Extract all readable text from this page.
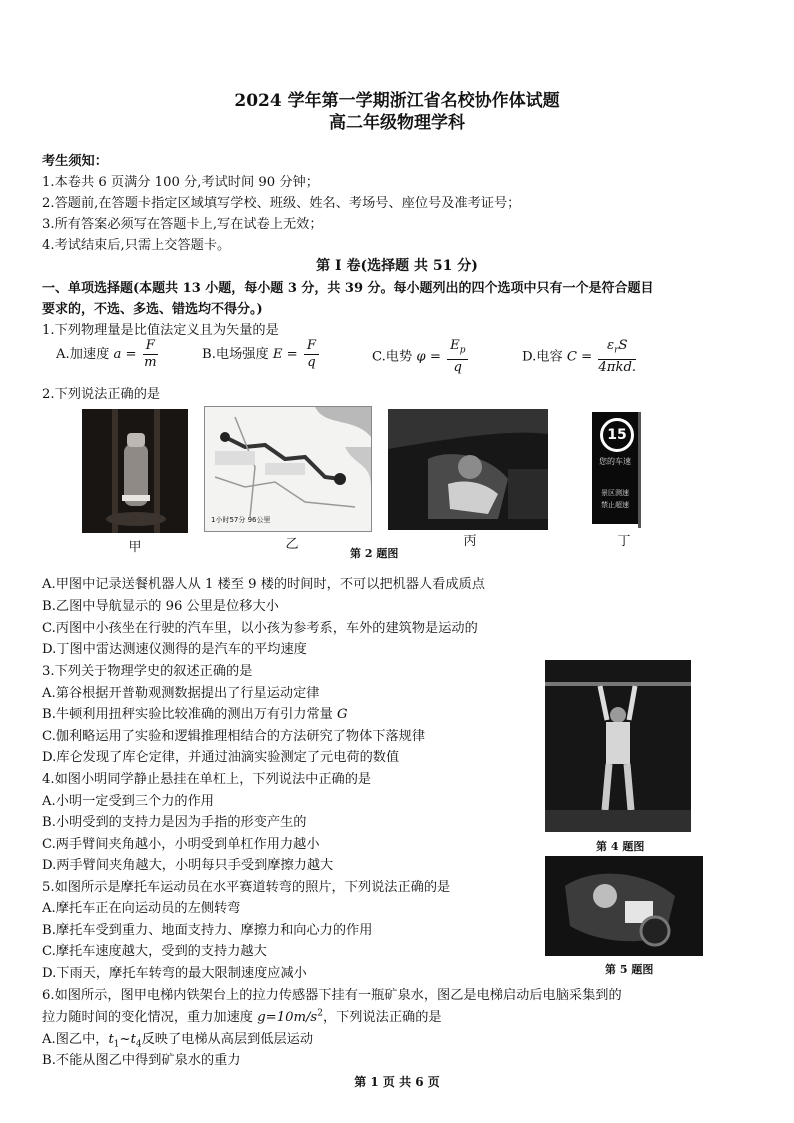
2024 学年第一学期浙江省名校协作体试题
高二年级物理学科
考生须知：
1.本卷共 6 页满分 100 分,考试时间 90 分钟；
2.答题前,在答题卡指定区域填写学校、班级、姓名、考场号、座位号及准考证号；
3.所有答案必须写在答题卡上,写在试卷上无效；
4.考试结束后,只需上交答题卡。
第 I 卷(选择题 共 51 分)
一、单项选择题(本题共 13 小题，每小题 3 分，共 39 分。每小题列出的四个选项中只有一个是符合题目
要求的，不选、多选、错选均不得分。)
1.下列物理量是比值法定义且为矢量的是
A.加速度 $a = \frac{F}{m}$	B.电场强度 $E = \frac{F}{q}$	C.电势 $\varphi = \frac{E_p}{q}$	D.电容 $C = \frac{\varepsilon_rS}{\text{4πkd.}}$
2.下列说法正确的是
甲
1小时57分 96公里
乙	丙
15
您的车速
景区测速
禁止超速
丁
第 2 题图
A.甲图中记录送餐机器人从 1 楼至 9 楼的时间时，不可以把机器人看成质点
B.乙图中导航显示的 96 公里是位移大小
C.丙图中小孩坐在行驶的汽车里，以小孩为参考系，车外的建筑物是运动的
D.丁图中雷达测速仪测得的是汽车的平均速度
3.下列关于物理学史的叙述正确的是
A.第谷根据开普勒观测数据提出了行星运动定律
B.牛顿利用扭秤实验比较准确的测出万有引力常量 G
C.伽利略运用了实验和逻辑推理相结合的方法研究了物体下落规律
D.库仑发现了库仑定律，并通过油滴实验测定了元电荷的数值
4.如图小明同学静止悬挂在单杠上，下列说法中正确的是
A.小明一定受到三个力的作用
B.小明受到的支持力是因为手指的形变产生的
C.两手臂间夹角越小，小明受到单杠作用力越小
D.两手臂间夹角越大，小明每只手受到摩擦力越大
第 4 题图
第 5 题图
5.如图所示是摩托车运动员在水平赛道转弯的照片，下列说法正确的是
A.摩托车正在向运动员的左侧转弯
B.摩托车受到重力、地面支持力、摩擦力和向心力的作用
C.摩托车速度越大，受到的支持力越大
D.下雨天，摩托车转弯的最大限制速度应减小
6.如图所示，图甲电梯内铁架台上的拉力传感器下挂有一瓶矿泉水，图乙是电梯启动后电脑采集到的
拉力随时间的变化情况，重力加速度 $g=10m/s^2$，下列说法正确的是
A.图乙中，$t_1\sim t_4$反映了电梯从高层到低层运动
B.不能从图乙中得到矿泉水的重力
第 1 页 共 6 页
